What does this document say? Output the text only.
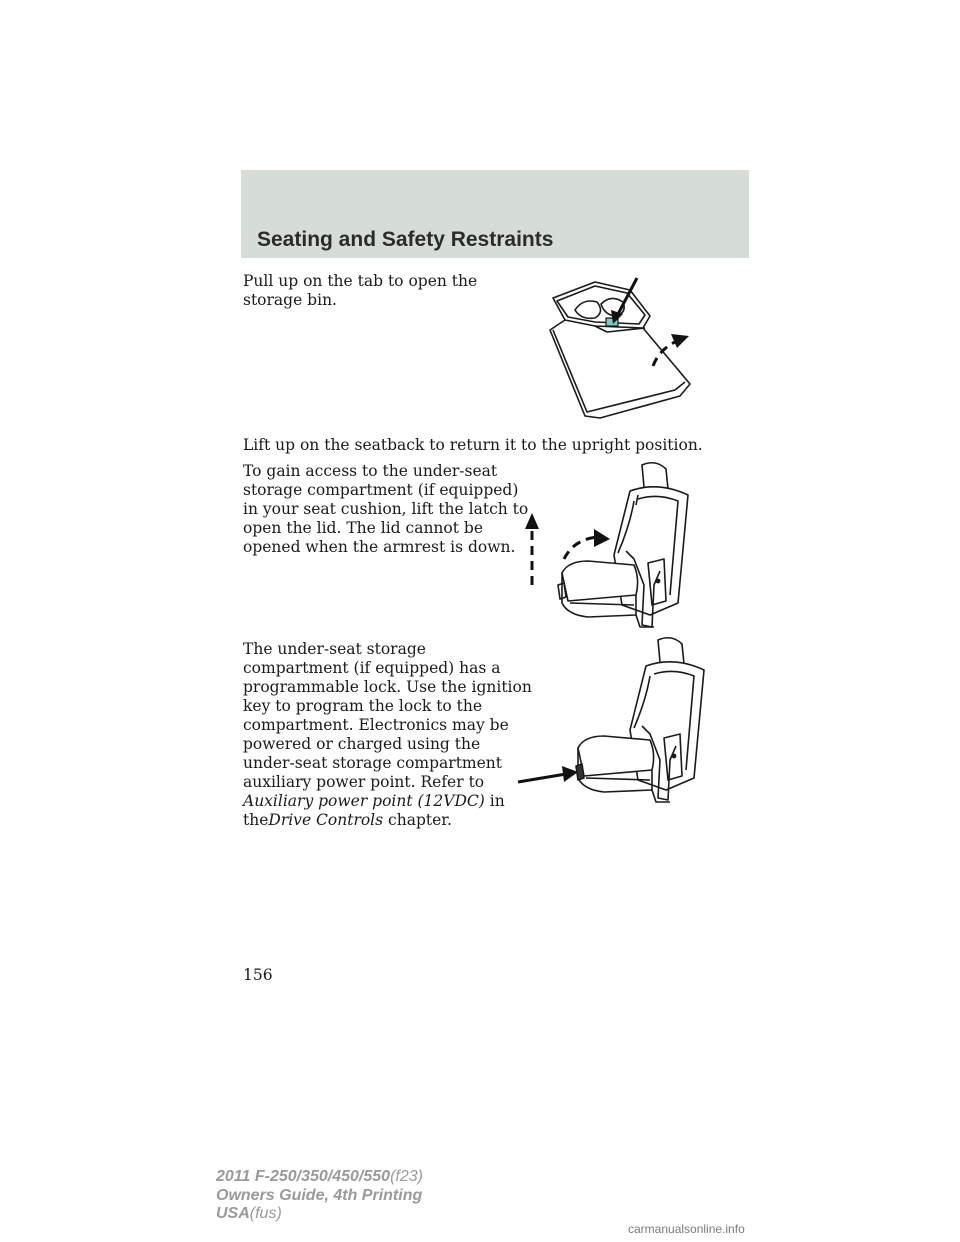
Seating and Safety Restraints

Pull up on the tab to open the
storage bin.

Lift up on the seatback to return it to the upright position.

To gain access to the under-seat
storage compartment (if equipped)
in your seat cushion, lift the latch to
open the lid. The lid cannot be
opened when the armrest is down.

The under-seat storage
compartment (if equipped) has a
programmable lock. Use the ignition
key to program the lock to the
compartment. Electronics may be
powered or charged using the
under-seat storage compartment
auxiliary power point. Refer to
Auxiliary power point (12VDC) in
theDrive Controls chapter.

156
2011 F-250/350/450/550(f23)
Owners Guide, 4th Printing
USA(fus)
carmanualsonline.info
